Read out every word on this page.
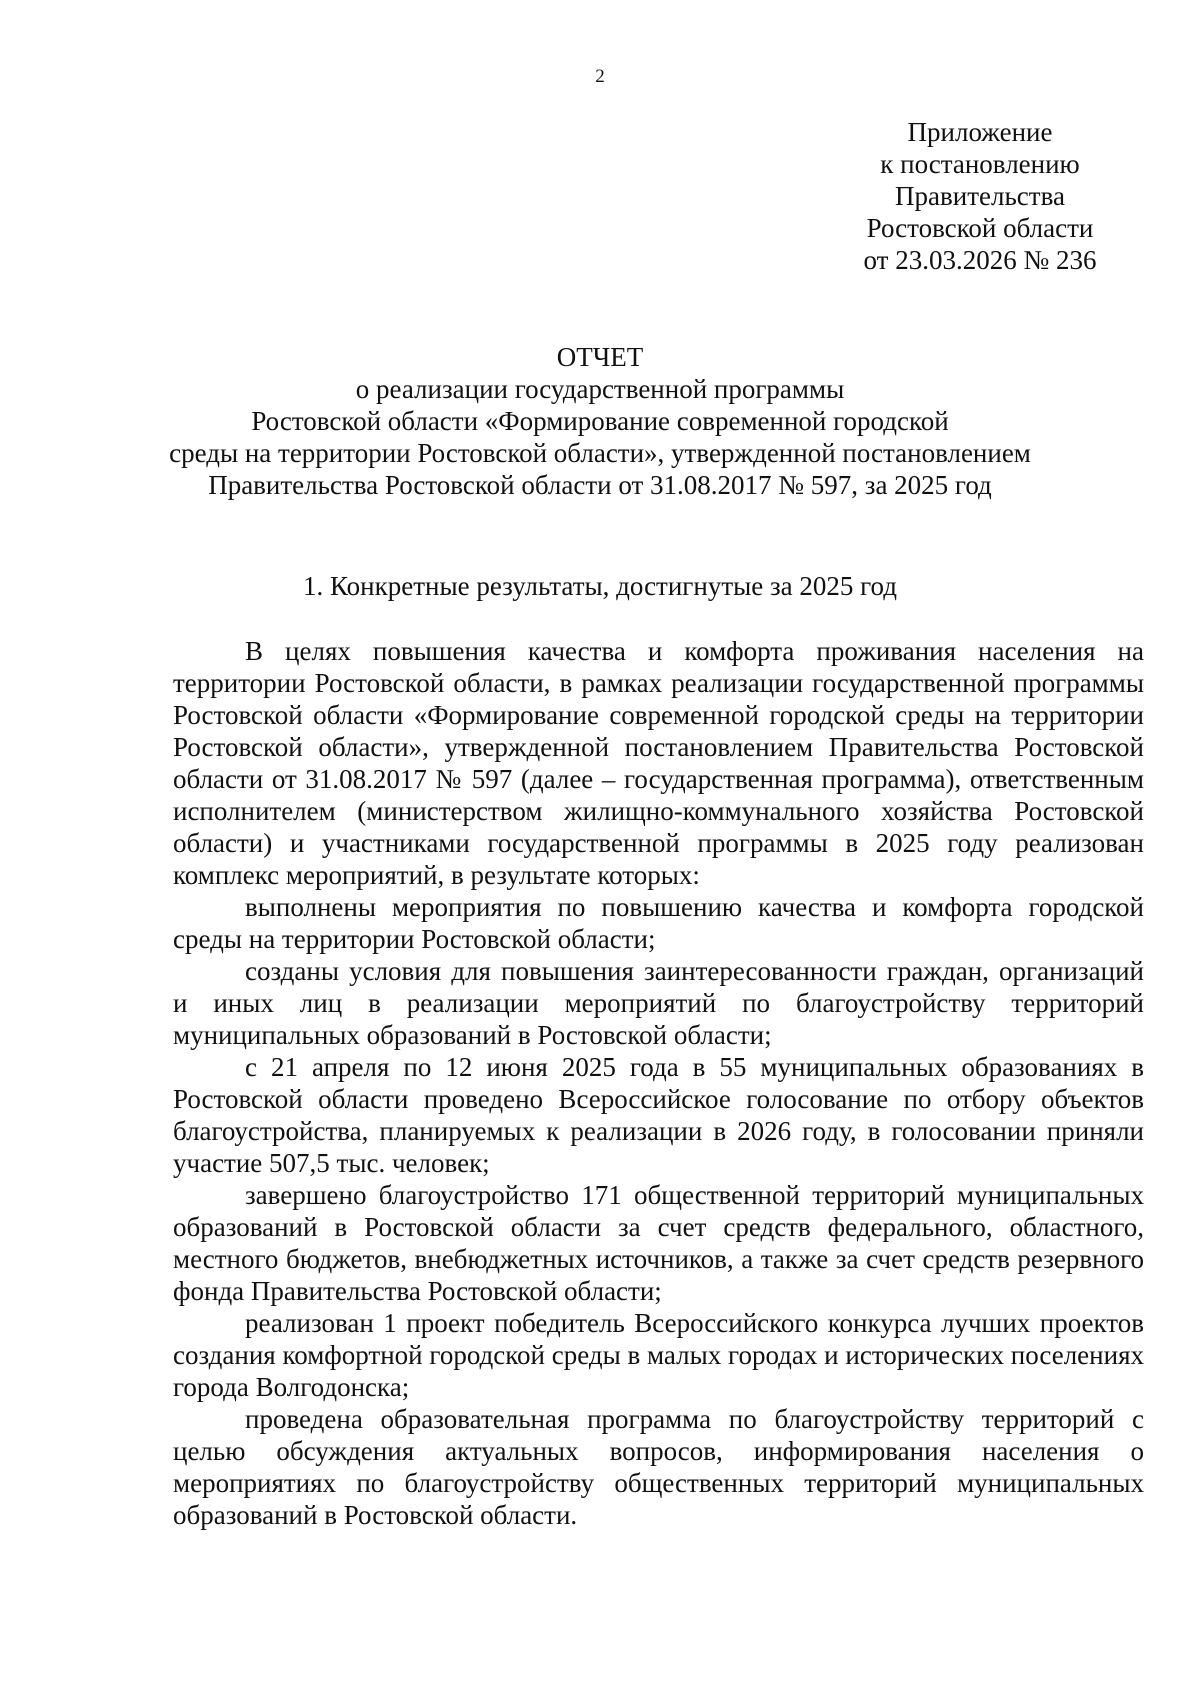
2
Приложение
к постановлению
Правительства
Ростовской области
от 23.03.2026 № 236
ОТЧЕТ
о реализации государственной программы
Ростовской области «Формирование современной городской
среды на территории Ростовской области», утвержденной постановлением
Правительства Ростовской области от 31.08.2017 № 597, за 2025 год
1. Конкретные результаты, достигнутые за 2025 год

В целях повышения качества и комфорта проживания населения на территории Ростовской области, в рамках реализации государственной программы Ростовской области «Формирование современной городской среды на территории Ростовской области», утвержденной постановлением Правительства Ростовской области от 31.08.2017 № 597 (далее – государственная программа), ответственным исполнителем (министерством жилищно-коммунального хозяйства Ростовской области) и участниками государственной программы в 2025 году реализован комплекс мероприятий, в результате которых:

выполнены мероприятия по повышению качества и комфорта городской среды на территории Ростовской области;

созданы условия для повышения заинтересованности граждан, организаций и иных лиц в реализации мероприятий по благоустройству территорий муниципальных образований в Ростовской области;

с 21 апреля по 12 июня 2025 года в 55 муниципальных образованиях в Ростовской области проведено Всероссийское голосование по отбору объектов благоустройства, планируемых к реализации в 2026 году, в голосовании приняли участие 507,5 тыс. человек;

завершено благоустройство 171 общественной территорий муниципальных образований в Ростовской области за счет средств федерального, областного, местного бюджетов, внебюджетных источников, а также за счет средств резервного фонда Правительства Ростовской области;

реализован 1 проект победитель Всероссийского конкурса лучших проектов создания комфортной городской среды в малых городах и исторических поселениях города Волгодонска;

проведена образовательная программа по благоустройству территорий с целью обсуждения актуальных вопросов, информирования населения о мероприятиях по благоустройству общественных территорий муниципальных образований в Ростовской области.
